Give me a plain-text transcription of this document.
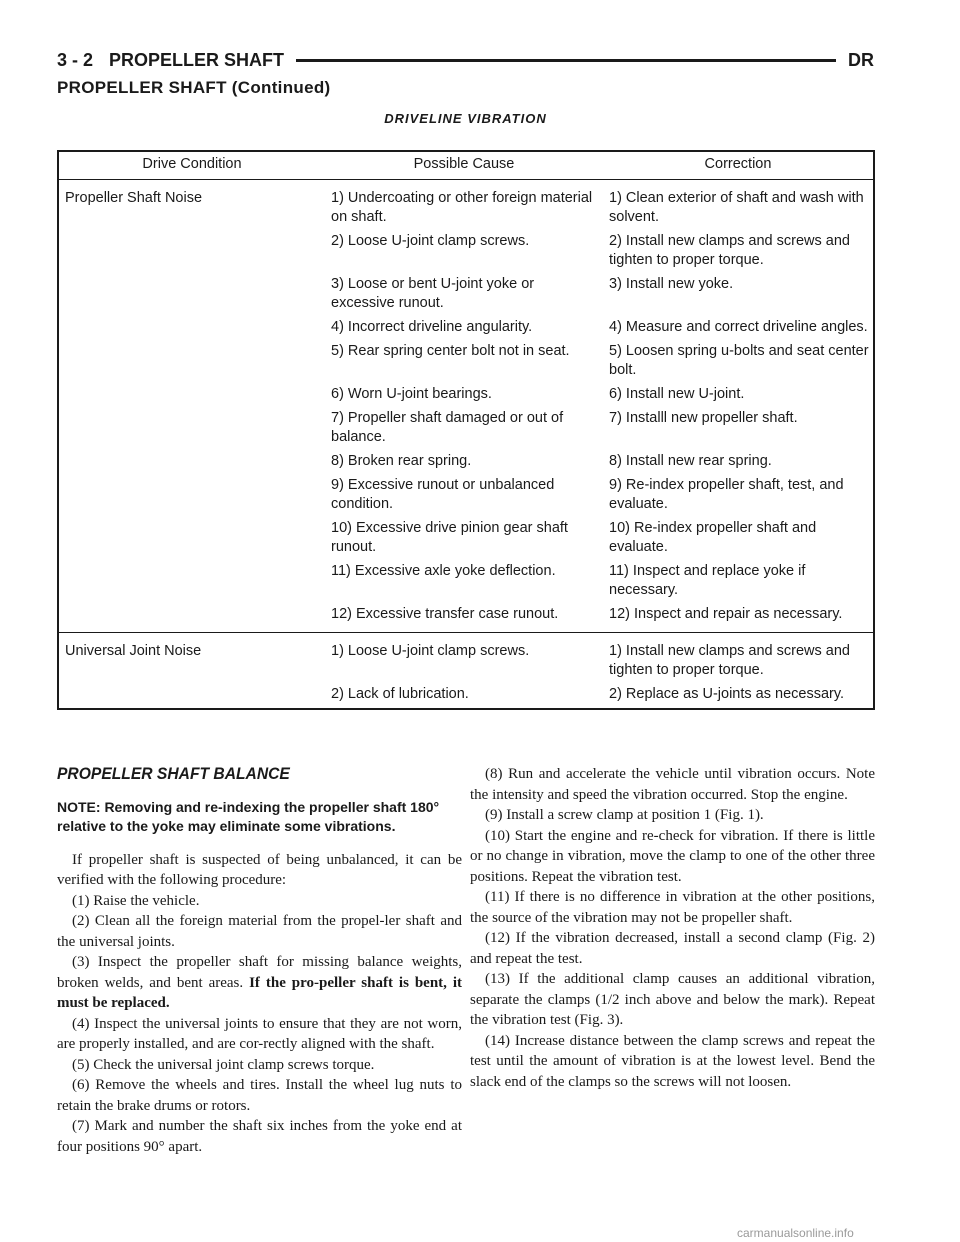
3 - 2 PROPELLER SHAFT	DR
PROPELLER SHAFT (Continued)
DRIVELINE VIBRATION
Drive Condition	Possible Cause	Correction
Propeller Shaft Noise	1) Undercoating or other foreign material on shaft.	1) Clean exterior of shaft and wash with solvent.
	2) Loose U-joint clamp screws.	2) Install new clamps and screws and tighten to proper torque.
	3) Loose or bent U-joint yoke or excessive runout.	3) Install new yoke.
	4) Incorrect driveline angularity.	4) Measure and correct driveline angles.
	5) Rear spring center bolt not in seat.	5) Loosen spring u-bolts and seat center bolt.
	6) Worn U-joint bearings.	6) Install new U-joint.
	7) Propeller shaft damaged or out of balance.	7) Installl new propeller shaft.
	8) Broken rear spring.	8) Install new rear spring.
	9) Excessive runout or unbalanced condition.	9) Re-index propeller shaft, test, and evaluate.
	10) Excessive drive pinion gear shaft runout.	10) Re-index propeller shaft and evaluate.
	11) Excessive axle yoke deflection.	11) Inspect and replace yoke if necessary.
	12) Excessive transfer case runout.	12) Inspect and repair as necessary.
Universal Joint Noise	1) Loose U-joint clamp screws.	1) Install new clamps and screws and tighten to proper torque.
	2) Lack of lubrication.	2) Replace as U-joints as necessary.
PROPELLER SHAFT BALANCE

NOTE: Removing and re-indexing the propeller shaft 180° relative to the yoke may eliminate some vibrations.

If propeller shaft is suspected of being unbalanced, it can be verified with the following procedure:

(1) Raise the vehicle.

(2) Clean all the foreign material from the propel-ler shaft and the universal joints.

(3) Inspect the propeller shaft for missing balance weights, broken welds, and bent areas. If the pro-peller shaft is bent, it must be replaced.

(4) Inspect the universal joints to ensure that they are not worn, are properly installed, and are cor-rectly aligned with the shaft.

(5) Check the universal joint clamp screws torque.

(6) Remove the wheels and tires. Install the wheel lug nuts to retain the brake drums or rotors.

(7) Mark and number the shaft six inches from the yoke end at four positions 90° apart.

(8) Run and accelerate the vehicle until vibration occurs. Note the intensity and speed the vibration occurred. Stop the engine.

(9) Install a screw clamp at position 1 (Fig. 1).

(10) Start the engine and re-check for vibration. If there is little or no change in vibration, move the clamp to one of the other three positions. Repeat the vibration test.

(11) If there is no difference in vibration at the other positions, the source of the vibration may not be propeller shaft.

(12) If the vibration decreased, install a second clamp (Fig. 2) and repeat the test.

(13) If the additional clamp causes an additional vibration, separate the clamps (1/2 inch above and below the mark). Repeat the vibration test (Fig. 3).

(14) Increase distance between the clamp screws and repeat the test until the amount of vibration is at the lowest level. Bend the slack end of the clamps so the screws will not loosen.

carmanualsonline.info
